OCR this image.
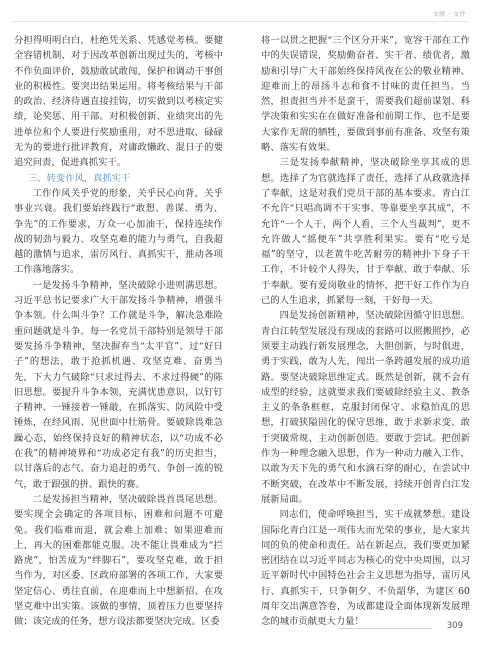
文献 · 文件

分担得明明白白，杜绝凭关系、凭感觉考核。要健全容错机制，对于因改革创新出现过失的，考核中不作负面评价，鼓励敢试敢闯，保护和调动干事创业的积极性。要突出结果运用。将考核结果与干部的政治、经济待遇直接挂钩，切实做到以考核定实绩，论奖惩、用干部。对积极创新、业绩突出的先进单位和个人要进行奖励重用，对不思进取、碌碌无为的要进行批评教育，对庸政懒政、混日子的要追究问责，促进真抓实干。

三、转变作风，真抓实干

工作作风关乎党的形象，关乎民心向背，关乎事业兴衰。我们要始终践行“敢想、善谋、勇为、争先”的工作要求，万众一心加油干，保持连续作战的韧劲与毅力、攻坚克难的能力与勇气，自我超越的激情与追求，雷厉风行、真抓实干，推动各项工作落地落实。

一是发扬斗争精神，坚决破除小进则满思想。习近平总书记要求广大干部发扬斗争精神，增强斗争本领。什么叫斗争？工作就是斗争，解决急难险重问题就是斗争。每一名党员干部特别是领导干部要发扬斗争精神，坚决摒弃当“太平官”、过“好日子”的想法，敢于抢抓机遇、攻坚克难、奋勇当先，下大力气破除“只求过得去、不求过得硬”的陈旧思想。要提升斗争本领，充满忧患意识，以钉钉子精神、一锤接着一锤敲，在抓落实、防风险中受锤炼，在经风雨、见世面中壮筋骨。要破除畏难急躁心态，始终保持良好的精神状态，以“功成不必在我”的精神境界和“功成必定有我”的历史担当，以甘落后的志气、奋力追赶的勇气、争创一流的锐气，敢于跟强的拼、跟快的赛。

二是发扬担当精神，坚决破除畏首畏尾思想。要实现全会确定的各项目标，困难和问题不可避免。我们临难而退，就会难上加难；如果迎难而上，再大的困难都能克服。决不能让畏难成为“拦路虎”，怕苦成为“绊脚石”，要攻坚克难，敢于担当作为，对区委、区政府部署的各项工作，大家要坚定信心、勇往直前，在迎难而上中想新招、在攻坚克难中出实策。该做的事情，顶着压力也要坚持做；该完成的任务，想方设法都要坚决完成。区委

将一以贯之把握“三个区分开来”，宽容干部在工作中的失误错误，奖励勤奋者、实干者、绩优者，激励和引导广大干部始终保持风夜在公的敬业精神、迎难而上的昂扬斗志和食不甘味的责任担当。当然，担责担当并不是蛮干，需要我们超前谋划、科学决策和实实在在做好准备和前期工作，也不是要大家作无谓的牺牲，要做到事前有准备、攻坚有策略、落实有效果。

三是发扬奉献精神，坚决破除坐享其成的思想。选择了为官就选择了责任，选择了从政就选择了奉献，这是对我们党员干部的基本要求。青白江不允许“只唱高调不干实事、等靠要坐享其成”，不允许“一个人干，两个人看，三个人当裁判”，更不允许做人“摇便车”共享胜利果实。要有“吃亏是福”的坚守，以老黄牛吃苦耐劳的精神扑下身子干工作，不计较个人得失，甘于奉献、敢于奉献、乐于奉献。要有爱岗敬业的情怀，把干好工作作为自己的人生追求，抓紧每一刻，干好每一天。

四是发扬创新精神，坚决破除因循守旧思想。青白江转型发展没有现成的套路可以照搬照抄，必须要主动践行新发展理念，大胆创新，与时俱进，勇于实践，敢为人先，闯出一条跨越发展的成功道路。要坚决破除思维定式。既然是创新，就不会有成型的经验，这就要求我们要破除经验主义、教条主义的条条框框，克服封闭保守、求稳怕乱的思想，打破狭隘固化的保守思维，敢于求新求变、敢于突破常规、主动创新创造。要敢于尝试。把创新作为一种理念融入思想，作为一种动力融入工作，以敢为天下先的勇气和水滴石穿的耐心，在尝试中不断突破，在改革中不断发展，持续开创青白江发展新局面。

同志们，使命呼唤担当，实干成就梦想。建设国际化青白江是一项伟大而光荣的事业，是大家共同的负的使命和责任。站在新起点，我们要更加紧密团结在以习近平同志为核心的党中央周围，以习近平新时代中国特色社会主义思想为指导，雷厉风行、真抓实干，只争朝夕、不负韶华，为建区 60 周年交出满意答卷，为成都建设全面体现新发展理念的城市贡献更大力量！	309
